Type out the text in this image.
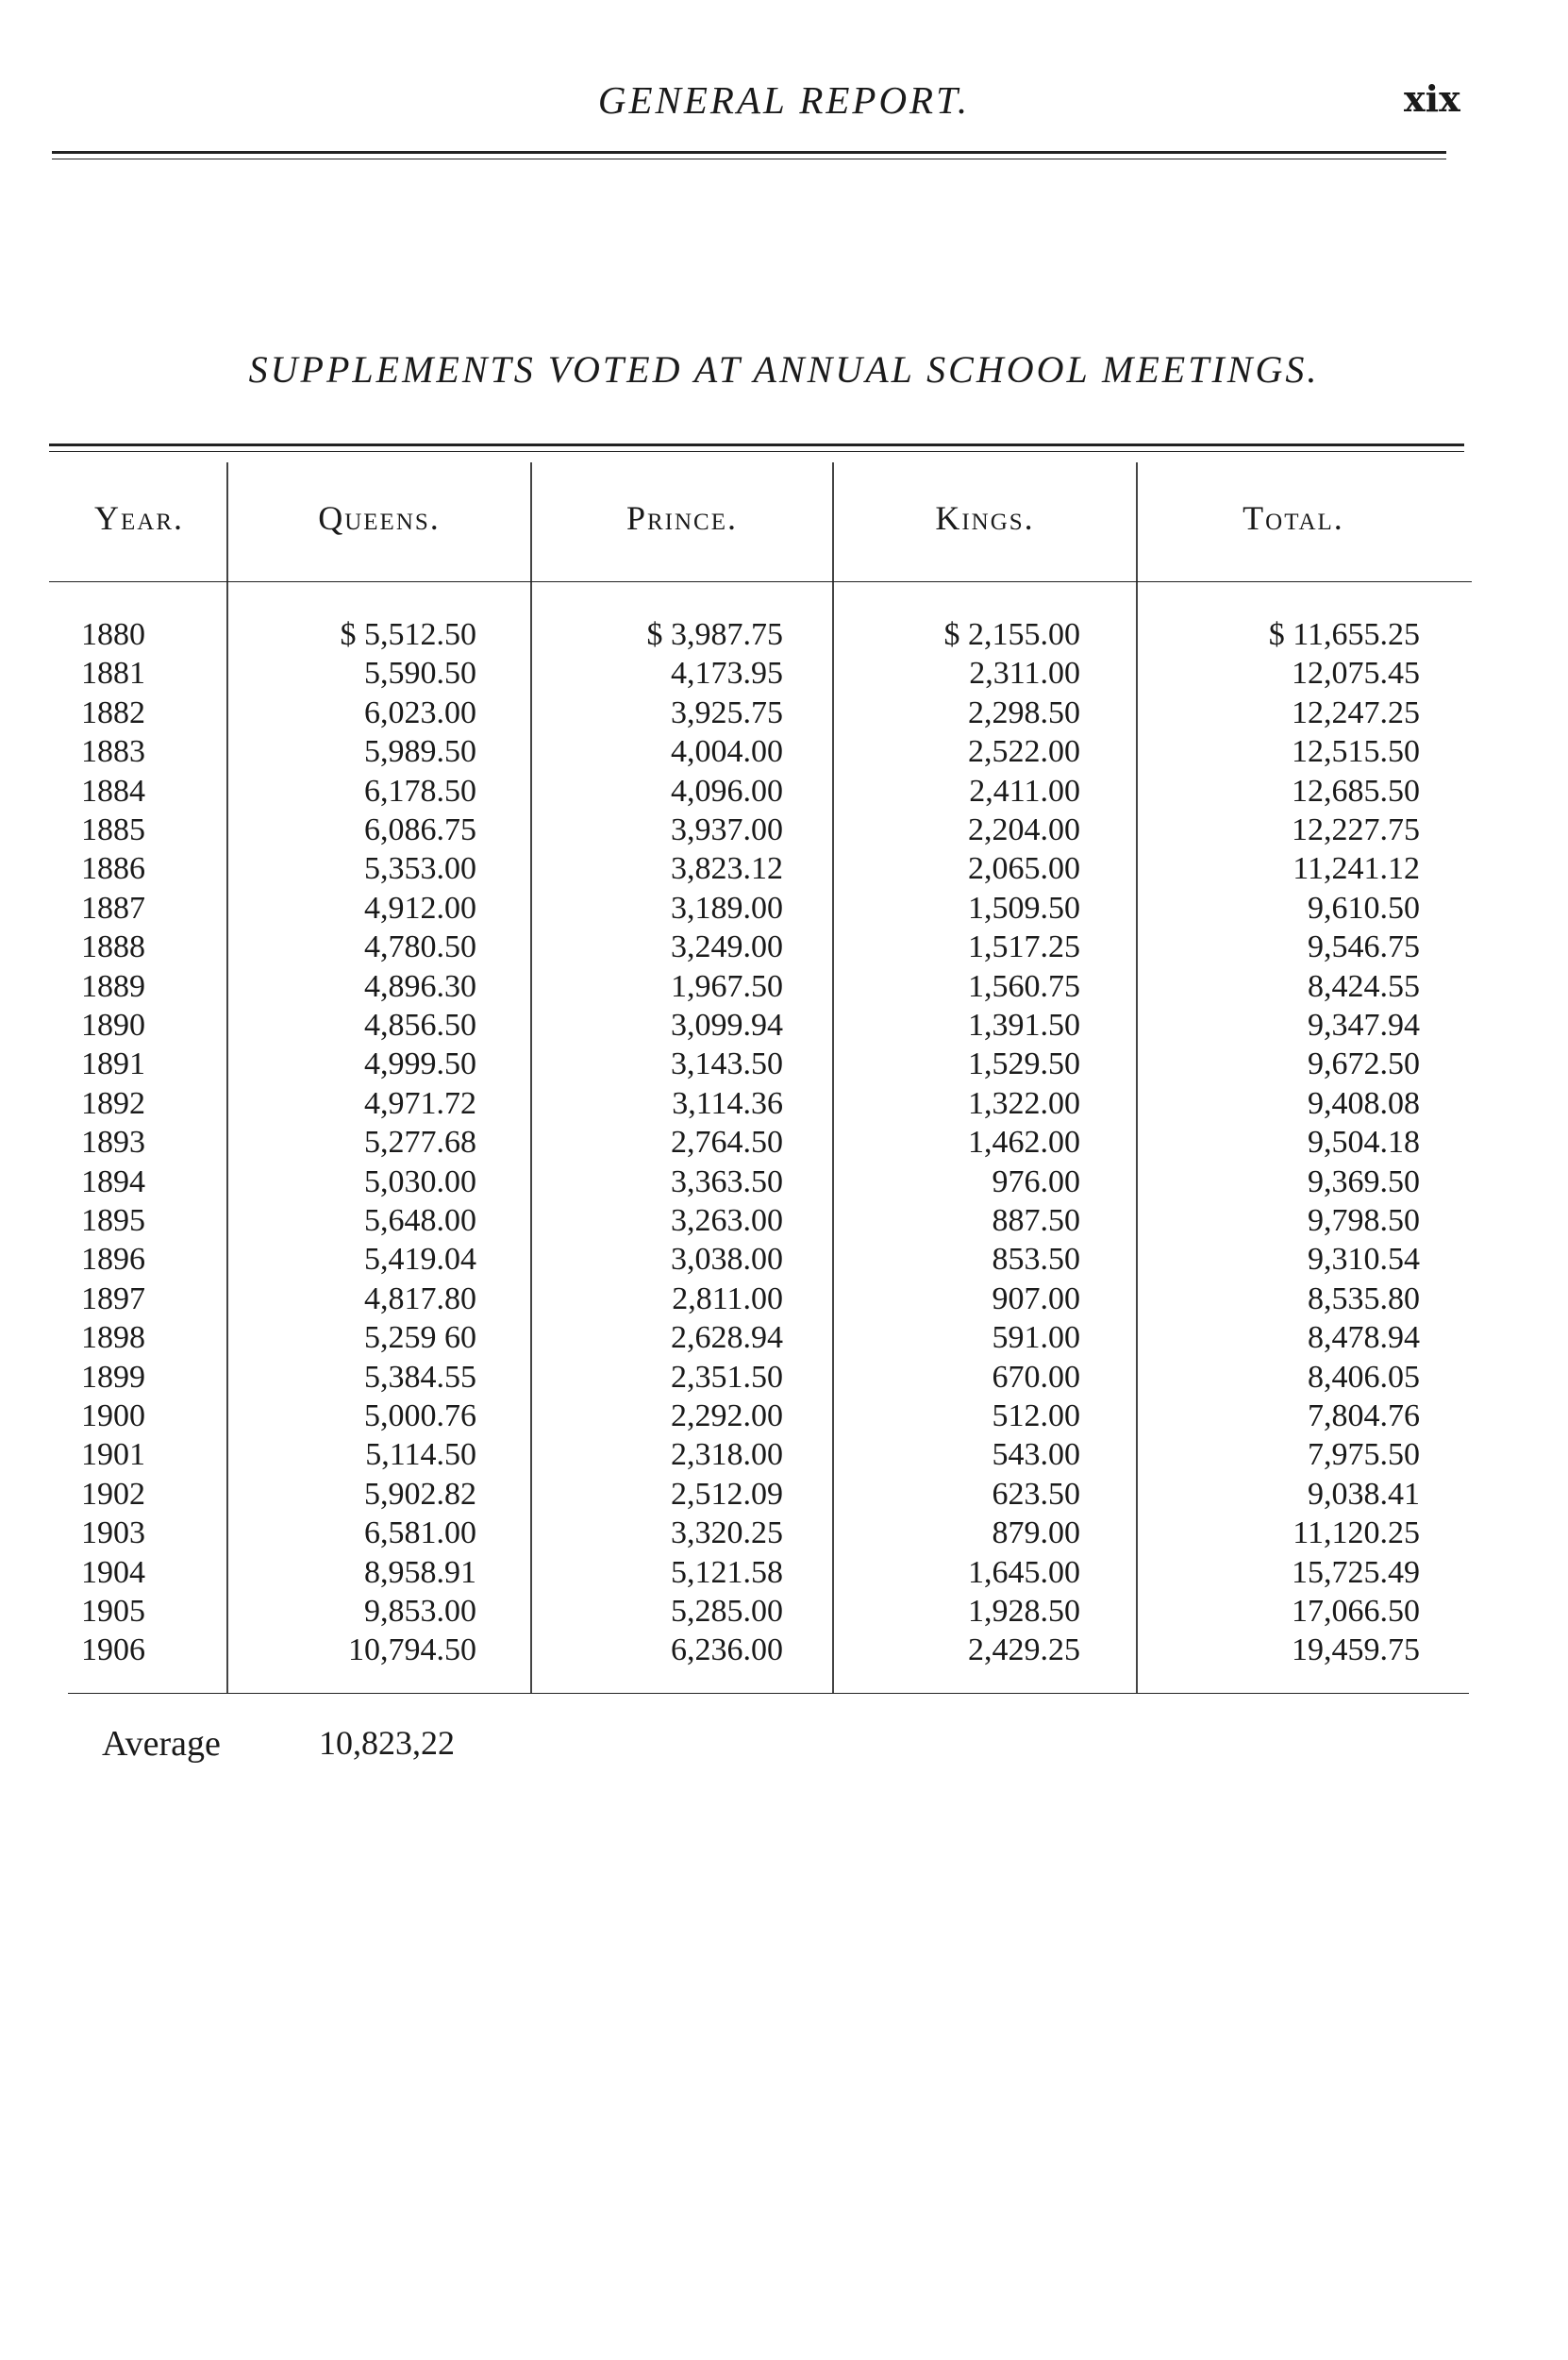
GENERAL REPORT.	xix
SUPPLEMENTS VOTED AT ANNUAL SCHOOL MEETINGS.
Year.	Queens.	Prince.	Kings.	Total.
1880	$ 5,512.50	$ 3,987.75	$ 2,155.00	$ 11,655.25
1881	5,590.50	4,173.95	2,311.00	12,075.45
1882	6,023.00	3,925.75	2,298.50	12,247.25
1883	5,989.50	4,004.00	2,522.00	12,515.50
1884	6,178.50	4,096.00	2,411.00	12,685.50
1885	6,086.75	3,937.00	2,204.00	12,227.75
1886	5,353.00	3,823.12	2,065.00	11,241.12
1887	4,912.00	3,189.00	1,509.50	9,610.50
1888	4,780.50	3,249.00	1,517.25	9,546.75
1889	4,896.30	1,967.50	1,560.75	8,424.55
1890	4,856.50	3,099.94	1,391.50	9,347.94
1891	4,999.50	3,143.50	1,529.50	9,672.50
1892	4,971.72	3,114.36	1,322.00	9,408.08
1893	5,277.68	2,764.50	1,462.00	9,504.18
1894	5,030.00	3,363.50	976.00	9,369.50
1895	5,648.00	3,263.00	887.50	9,798.50
1896	5,419.04	3,038.00	853.50	9,310.54
1897	4,817.80	2,811.00	907.00	8,535.80
1898	5,259 60	2,628.94	591.00	8,478.94
1899	5,384.55	2,351.50	670.00	8,406.05
1900	5,000.76	2,292.00	512.00	7,804.76
1901	5,114.50	2,318.00	543.00	7,975.50
1902	5,902.82	2,512.09	623.50	9,038.41
1903	6,581.00	3,320.25	879.00	11,120.25
1904	8,958.91	5,121.58	1,645.00	15,725.49
1905	9,853.00	5,285.00	1,928.50	17,066.50
1906	10,794.50	6,236.00	2,429.25	19,459.75
Average	10,823,22
